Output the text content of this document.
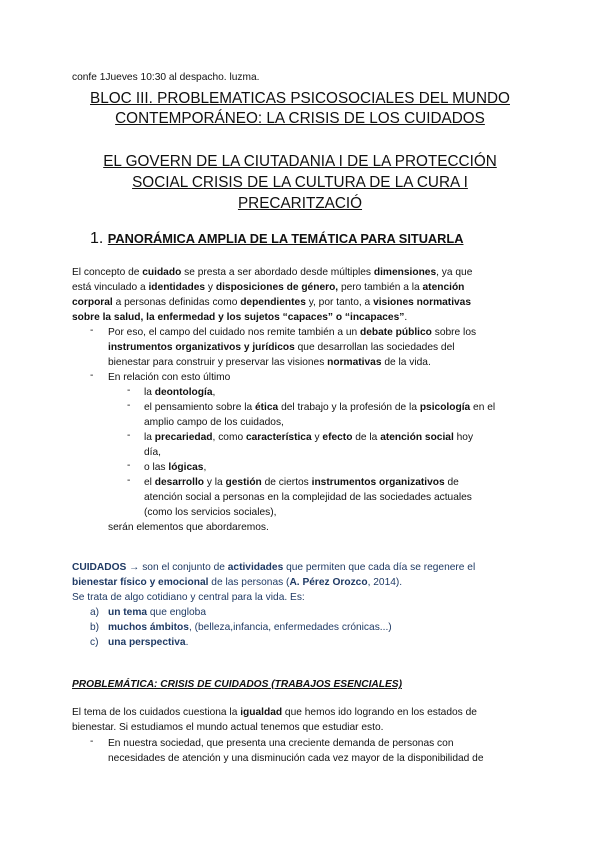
confe 1Jueves 10:30 al despacho. luzma.
BLOC III. PROBLEMATICAS PSICOSOCIALES DEL MUNDO
CONTEMPORÁNEO: LA CRISIS DE LOS CUIDADOS
EL GOVERN DE LA CIUTADANIA I DE LA PROTECCIÓN
SOCIAL CRISIS DE LA CULTURA DE LA CURA I
PRECARITZACIÓ
1. PANORÁMICA AMPLIA DE LA TEMÁTICA PARA SITUARLA
El concepto de cuidado se presta a ser abordado desde múltiples dimensiones, ya que
está vinculado a identidades y disposiciones de género, pero también a la atención
corporal a personas definidas como dependientes y, por tanto, a visiones normativas
sobre la salud, la enfermedad y los sujetos “capaces” o “incapaces”.
- Por eso, el campo del cuidado nos remite también a un debate público sobre los
instrumentos organizativos y jurídicos que desarrollan las sociedades del
bienestar para construir y preservar las visiones normativas de la vida.
- En relación con esto último
- la deontología,
- el pensamiento sobre la ética del trabajo y la profesión de la psicología en el
amplio campo de los cuidados,
- la precariedad, como característica y efecto de la atención social hoy
día,
- o las lógicas,
- el desarrollo y la gestión de ciertos instrumentos organizativos de
atención social a personas en la complejidad de las sociedades actuales
(como los servicios sociales),
serán elementos que abordaremos.
CUIDADOS → son el conjunto de actividades que permiten que cada día se regenere el
bienestar físico y emocional de las personas (A. Pérez Orozco, 2014).
Se trata de algo cotidiano y central para la vida. Es:
a) un tema que engloba
b) muchos ámbitos, (belleza,infancia, enfermedades crónicas...)
c) una perspectiva.
PROBLEMÁTICA: CRISIS DE CUIDADOS (TRABAJOS ESENCIALES)
El tema de los cuidados cuestiona la igualdad que hemos ido logrando en los estados de
bienestar. Si estudiamos el mundo actual tenemos que estudiar esto.
- En nuestra sociedad, que presenta una creciente demanda de personas con
necesidades de atención y una disminución cada vez mayor de la disponibilidad de
